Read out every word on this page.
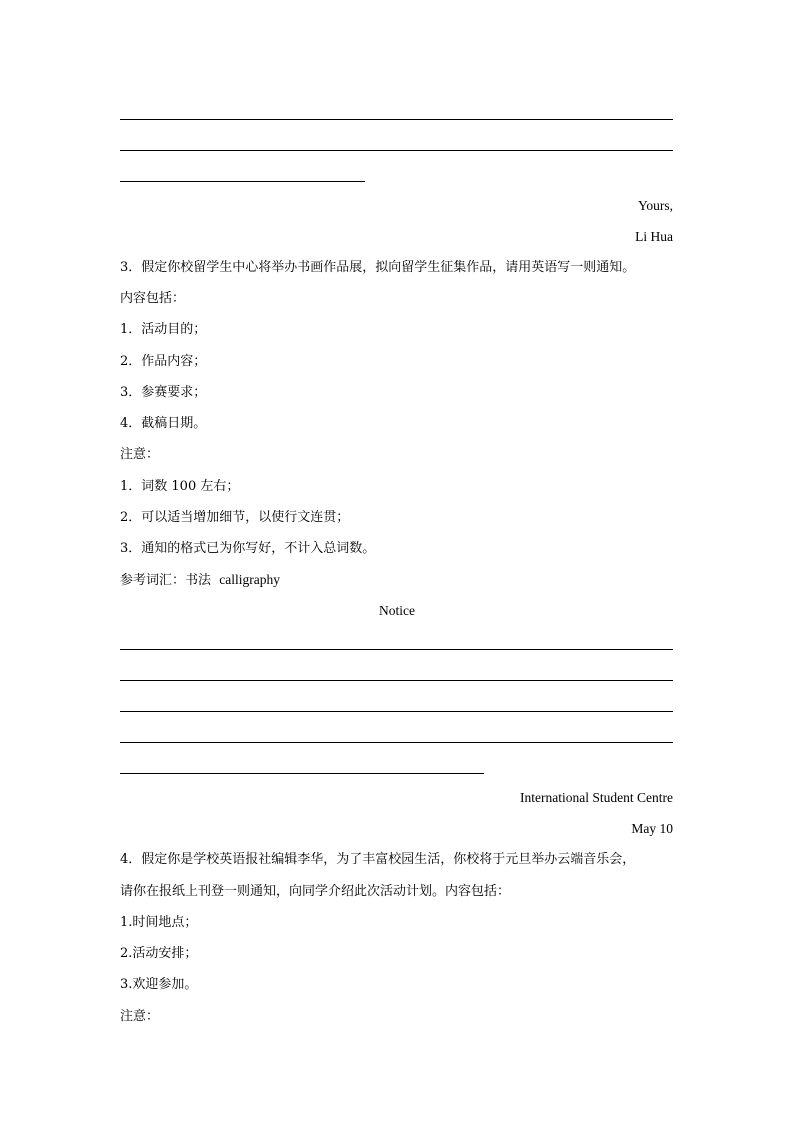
Yours,
Li Hua
3．假定你校留学生中心将举办书画作品展，拟向留学生征集作品，请用英语写一则通知。
内容包括：
1．活动目的；
2．作品内容；
3．参赛要求；
4．截稿日期。
注意：
1．词数 100 左右；
2．可以适当增加细节，以使行文连贯；
3．通知的格式已为你写好，不计入总词数。
参考词汇：书法 calligraphy
Notice
International Student Centre
May 10
4．假定你是学校英语报社编辑李华，为了丰富校园生活，你校将于元旦举办云端音乐会，
请你在报纸上刊登一则通知，向同学介绍此次活动计划。内容包括：
1.时间地点；
2.活动安排；
3.欢迎参加。
注意：
